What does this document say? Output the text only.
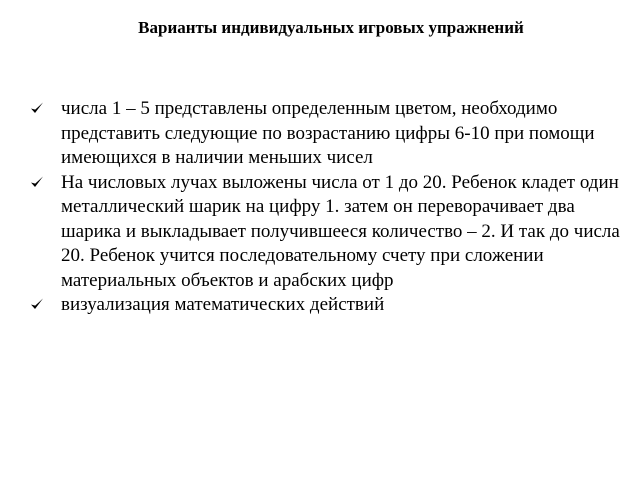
Варианты индивидуальных игровых упражнений
числа 1 – 5 представлены определенным цветом, необходимо представить следующие по возрастанию цифры 6-10 при помощи имеющихся в наличии меньших чисел
На числовых лучах выложены числа от 1 до 20. Ребенок кладет один металлический шарик на цифру 1. затем он переворачивает два шарика и выкладывает получившееся количество – 2. И так до числа 20. Ребенок учится последовательному счету при сложении материальных объектов и арабских цифр
визуализация математических действий
